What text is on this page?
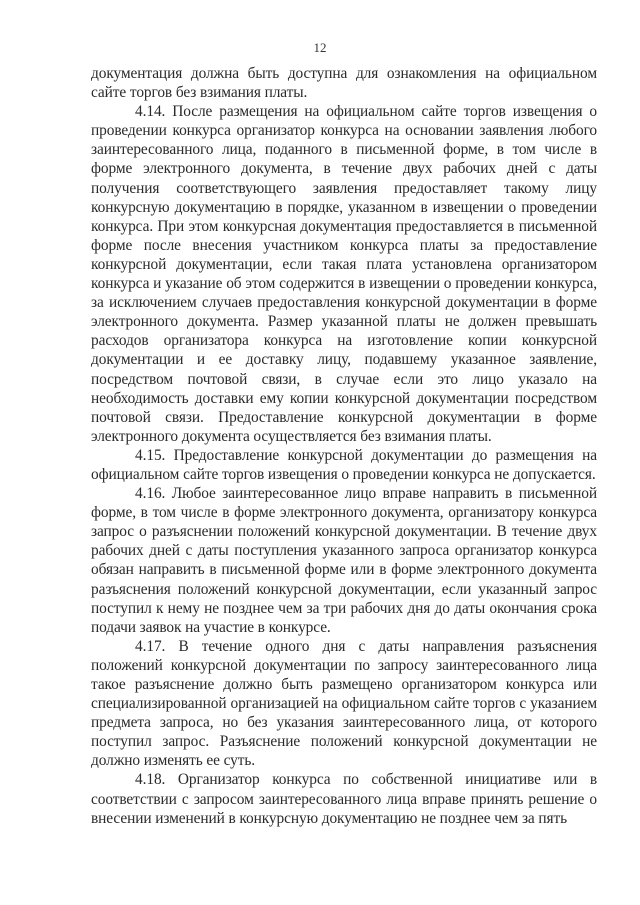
12

документация должна быть доступна для ознакомления на официальном сайте торгов без взимания платы.

4.14. После размещения на официальном сайте торгов извещения о проведении конкурса организатор конкурса на основании заявления любого заинтересованного лица, поданного в письменной форме, в том числе в форме электронного документа, в течение двух рабочих дней с даты получения соответствующего заявления предоставляет такому лицу конкурсную документацию в порядке, указанном в извещении о проведении конкурса. При этом конкурсная документация предоставляется в письменной форме после внесения участником конкурса платы за предоставление конкурсной документации, если такая плата установлена организатором конкурса и указание об этом содержится в извещении о проведении конкурса, за исключением случаев предоставления конкурсной документации в форме электронного документа. Размер указанной платы не должен превышать расходов организатора конкурса на изготовление копии конкурсной документации и ее доставку лицу, подавшему указанное заявление, посредством почтовой связи, в случае если это лицо указало на необходимость доставки ему копии конкурсной документации посредством почтовой связи. Предоставление конкурсной документации в форме электронного документа осуществляется без взимания платы.

4.15. Предоставление конкурсной документации до размещения на официальном сайте торгов извещения о проведении конкурса не допускается.

4.16. Любое заинтересованное лицо вправе направить в письменной форме, в том числе в форме электронного документа, организатору конкурса запрос о разъяснении положений конкурсной документации. В течение двух рабочих дней с даты поступления указанного запроса организатор конкурса обязан направить в письменной форме или в форме электронного документа разъяснения положений конкурсной документации, если указанный запрос поступил к нему не позднее чем за три рабочих дня до даты окончания срока подачи заявок на участие в конкурсе.

4.17. В течение одного дня с даты направления разъяснения положений конкурсной документации по запросу заинтересованного лица такое разъяснение должно быть размещено организатором конкурса или специализированной организацией на официальном сайте торгов с указанием предмета запроса, но без указания заинтересованного лица, от которого поступил запрос. Разъяснение положений конкурсной документации не должно изменять ее суть.

4.18. Организатор конкурса по собственной инициативе или в соответствии с запросом заинтересованного лица вправе принять решение о внесении изменений в конкурсную документацию не позднее чем за пять
